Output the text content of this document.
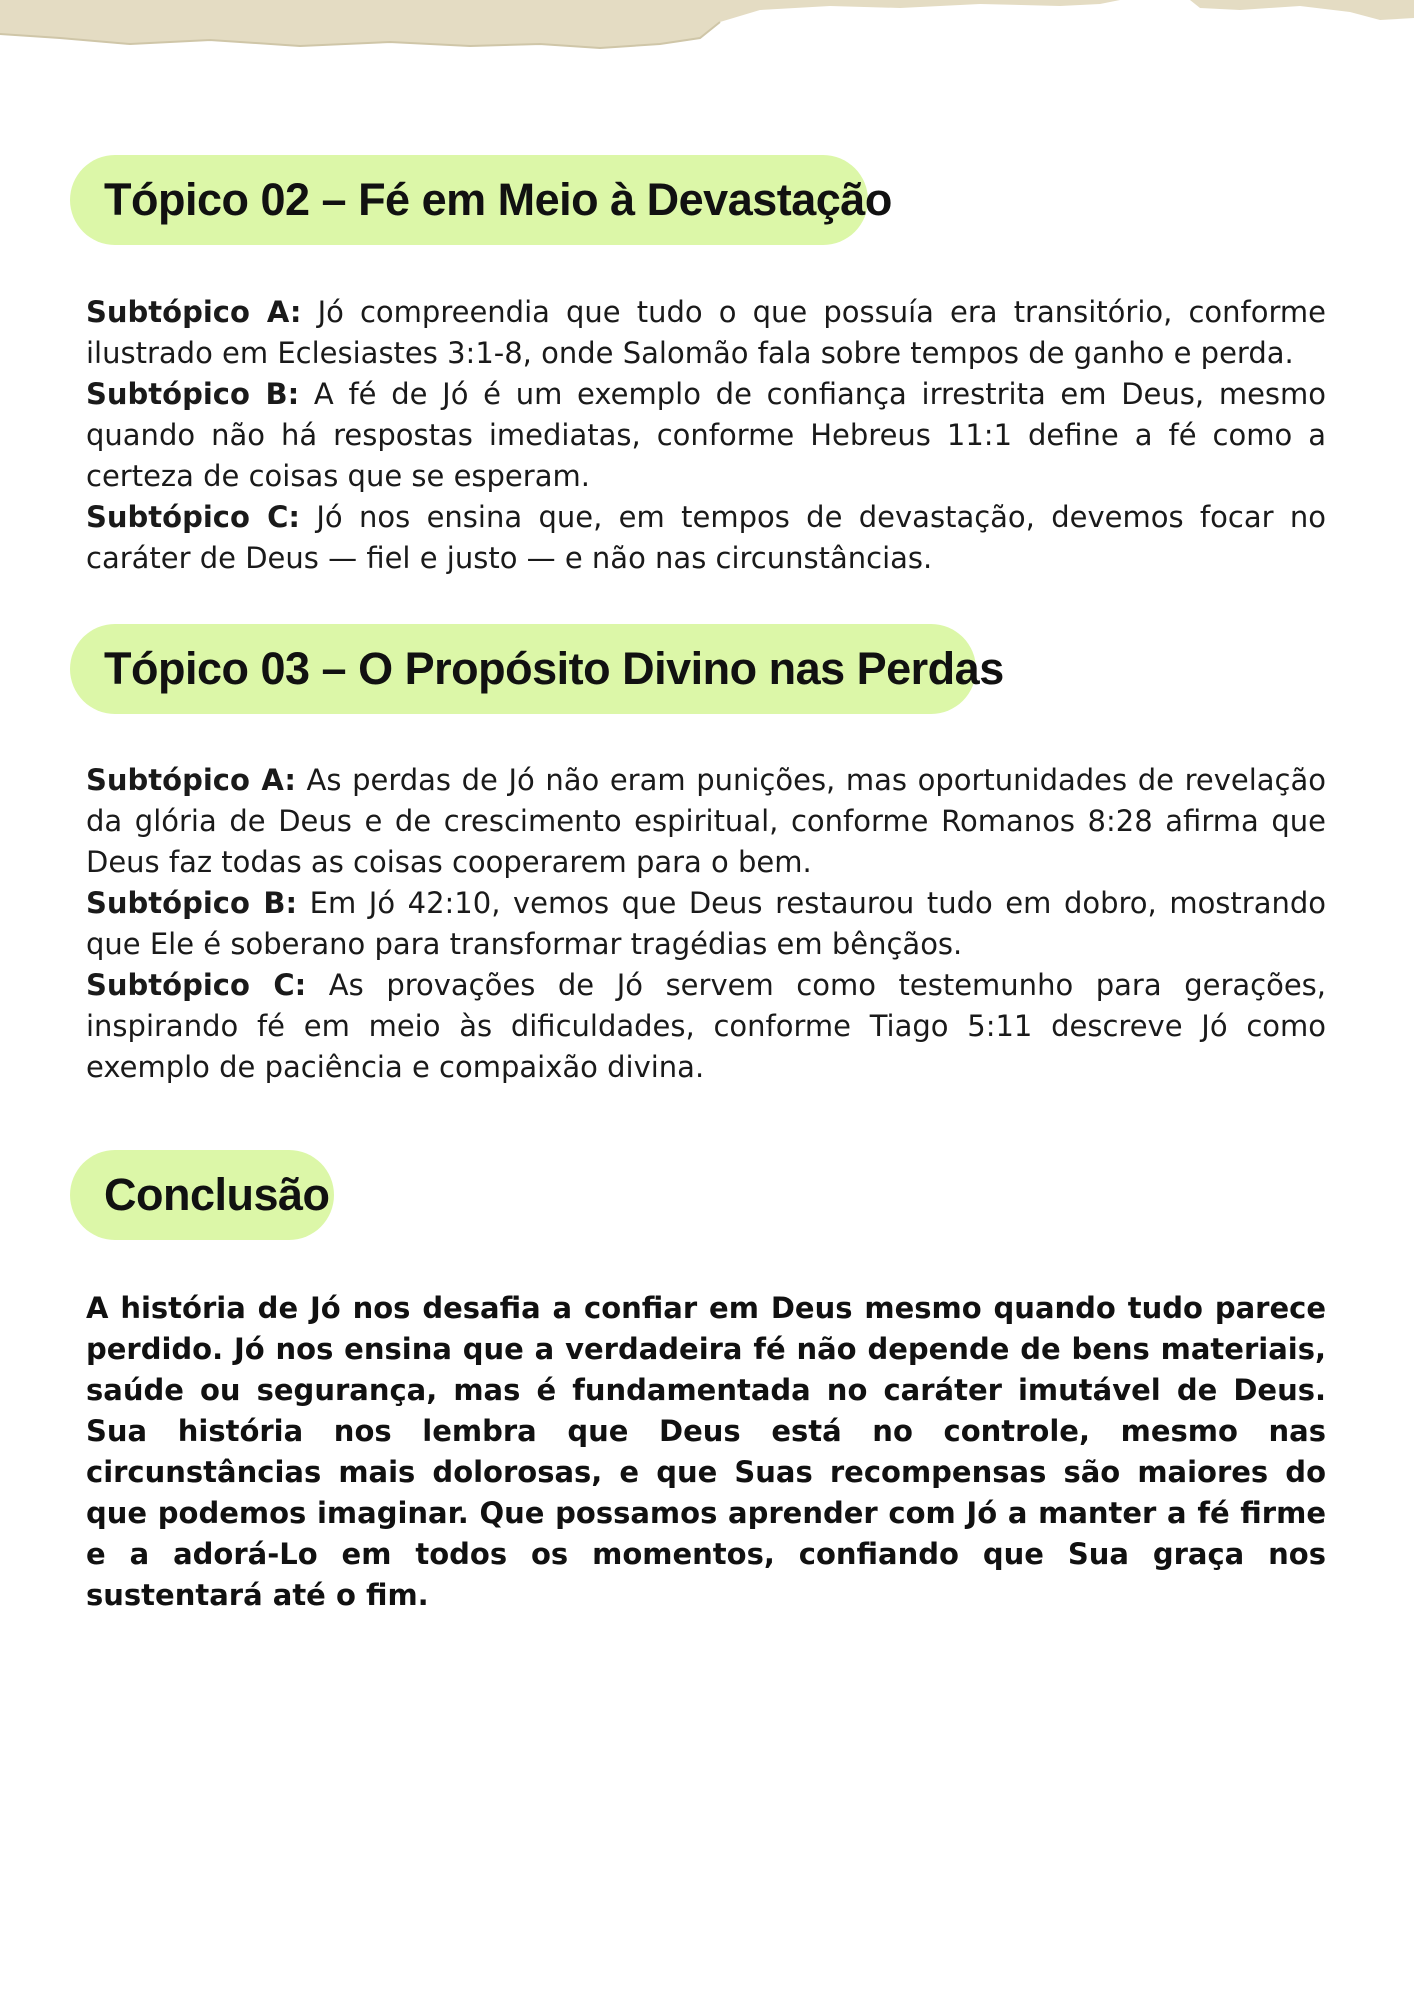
Tópico 02 – Fé em Meio à Devastação

Subtópico A: Jó compreendia que tudo o que possuía era transitório, conforme ilustrado em Eclesiastes 3:1-8, onde Salomão fala sobre tempos de ganho e perda.

Subtópico B: A fé de Jó é um exemplo de confiança irrestrita em Deus, mesmo quando não há respostas imediatas, conforme Hebreus 11:1 define a fé como a certeza de coisas que se esperam.

Subtópico C: Jó nos ensina que, em tempos de devastação, devemos focar no caráter de Deus — fiel e justo — e não nas circunstâncias.

Tópico 03 – O Propósito Divino nas Perdas

Subtópico A: As perdas de Jó não eram punições, mas oportunidades de revelação da glória de Deus e de crescimento espiritual, conforme Romanos 8:28 afirma que Deus faz todas as coisas cooperarem para o bem.

Subtópico B: Em Jó 42:10, vemos que Deus restaurou tudo em dobro, mostrando que Ele é soberano para transformar tragédias em bênçãos.

Subtópico C: As provações de Jó servem como testemunho para gerações, inspirando fé em meio às dificuldades, conforme Tiago 5:11 descreve Jó como exemplo de paciência e compaixão divina.

Conclusão

A história de Jó nos desafia a confiar em Deus mesmo quando tudo parece perdido. Jó nos ensina que a verdadeira fé não depende de bens materiais, saúde ou segurança, mas é fundamentada no caráter imutável de Deus. Sua história nos lembra que Deus está no controle, mesmo nas circunstâncias mais dolorosas, e que Suas recompensas são maiores do que podemos imaginar. Que possamos aprender com Jó a manter a fé firme e a adorá-Lo em todos os momentos, confiando que Sua graça nos sustentará até o fim.
